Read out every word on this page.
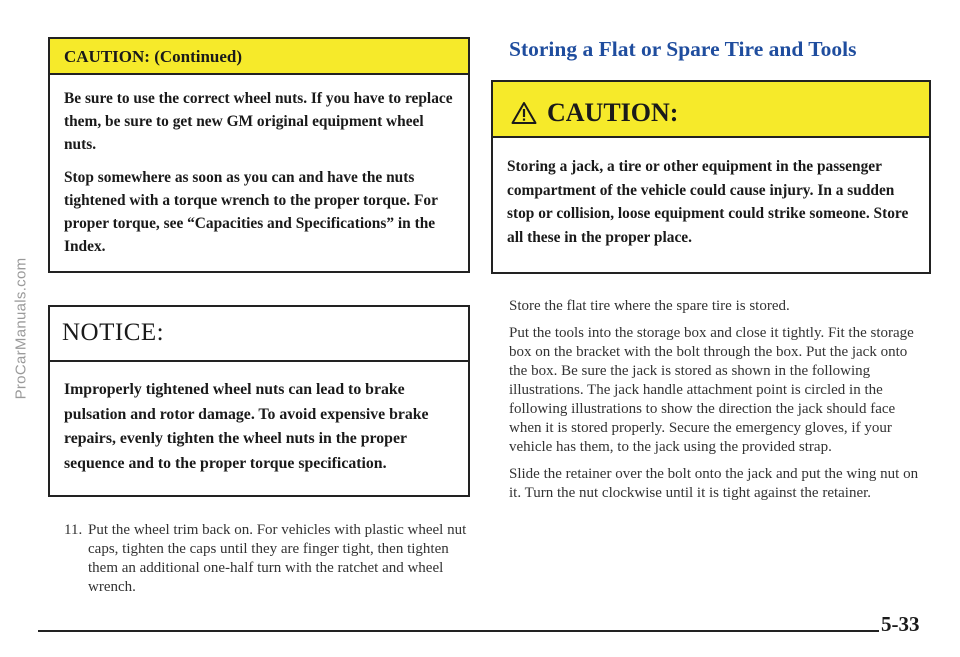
ProCarManuals.com
CAUTION: (Continued)

Be sure to use the correct wheel nuts. If you have to replace them, be sure to get new GM original equipment wheel nuts.

Stop somewhere as soon as you can and have the nuts tightened with a torque wrench to the proper torque. For proper torque, see “Capacities and Specifications” in the Index.

NOTICE:

Improperly tightened wheel nuts can lead to brake pulsation and rotor damage. To avoid expensive brake repairs, evenly tighten the wheel nuts in the proper sequence and to the proper torque specification.

11. Put the wheel trim back on. For vehicles with plastic wheel nut caps, tighten the caps until they are finger tight, then tighten them an additional one-half turn with the ratchet and wheel wrench.

Storing a Flat or Spare Tire and Tools
CAUTION:

Storing a jack, a tire or other equipment in the passenger compartment of the vehicle could cause injury. In a sudden stop or collision, loose equipment could strike someone. Store all these in the proper place.

Store the flat tire where the spare tire is stored.

Put the tools into the storage box and close it tightly. Fit the storage box on the bracket with the bolt through the box. Put the jack onto the box. Be sure the jack is stored as shown in the following illustrations. The jack handle attachment point is circled in the following illustrations to show the direction the jack should face when it is stored properly. Secure the emergency gloves, if your vehicle has them, to the jack using the provided strap.

Slide the retainer over the bolt onto the jack and put the wing nut on it. Turn the nut clockwise until it is tight against the retainer.

5-33
